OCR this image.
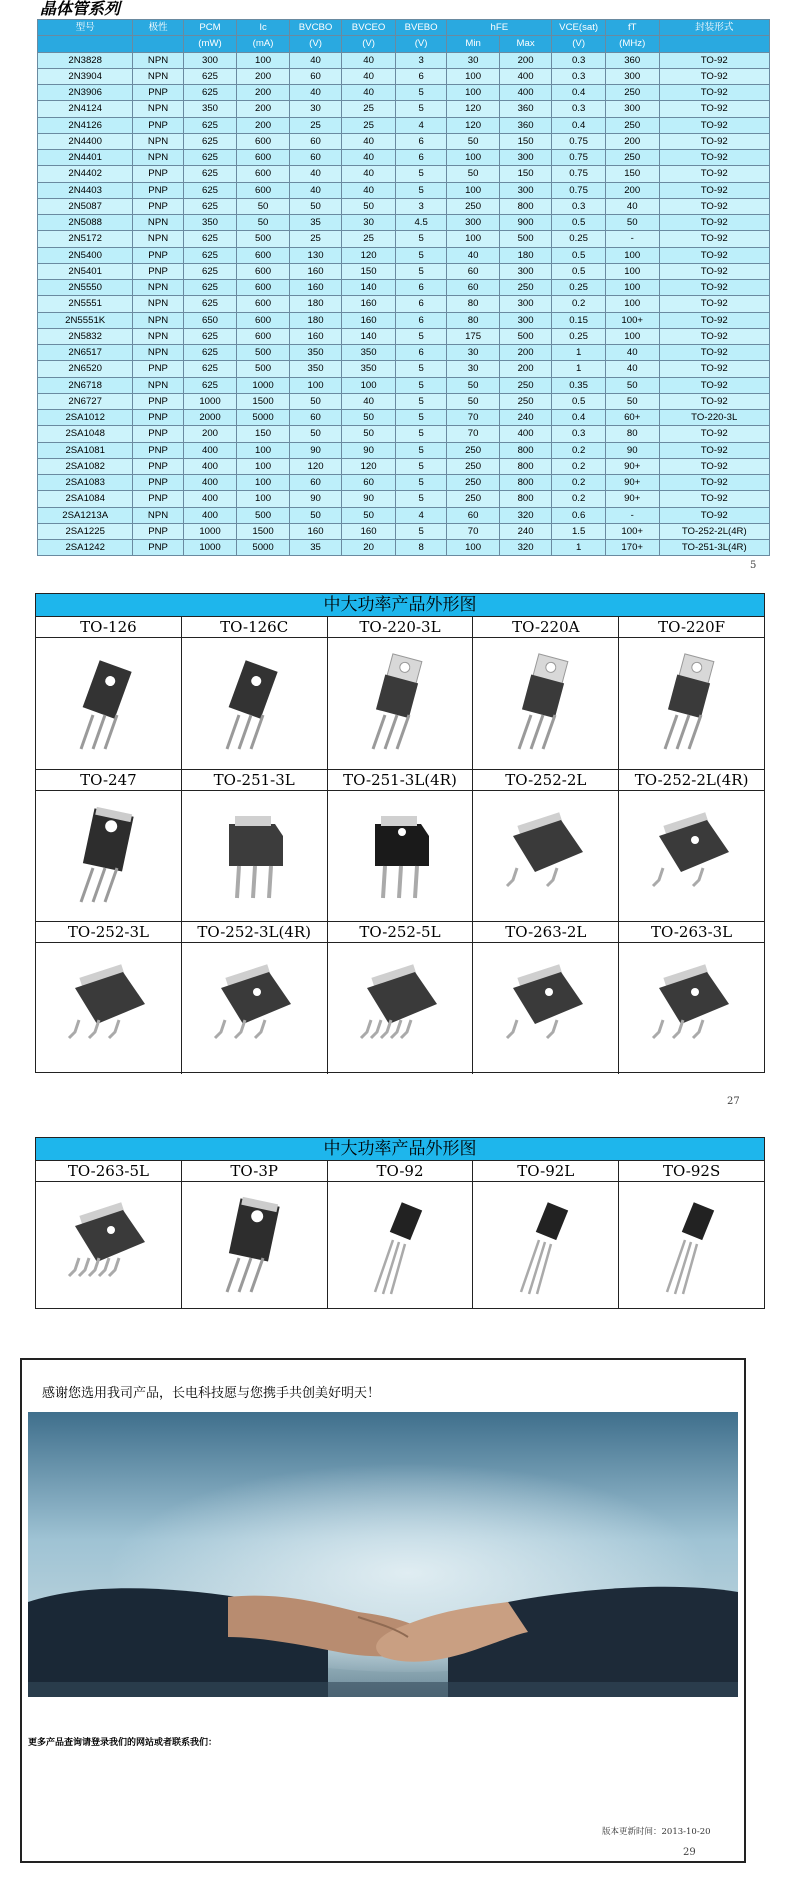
晶体管系列
型号	极性	PCM	Ic	BVCBO	BVCEO	BVEBO	hFE		VCE(sat)	fT	封装形式
		(mW)	(mA)	(V)	(V)	(V)	Min	Max	(V)	(MHz)	
2N3828	NPN	300	100	40	40	3	30	200	0.3	360	TO-92
2N3904	NPN	625	200	60	40	6	100	400	0.3	300	TO-92
2N3906	PNP	625	200	40	40	5	100	400	0.4	250	TO-92
2N4124	NPN	350	200	30	25	5	120	360	0.3	300	TO-92
2N4126	PNP	625	200	25	25	4	120	360	0.4	250	TO-92
2N4400	NPN	625	600	60	40	6	50	150	0.75	200	TO-92
2N4401	NPN	625	600	60	40	6	100	300	0.75	250	TO-92
2N4402	PNP	625	600	40	40	5	50	150	0.75	150	TO-92
2N4403	PNP	625	600	40	40	5	100	300	0.75	200	TO-92
2N5087	PNP	625	50	50	50	3	250	800	0.3	40	TO-92
2N5088	NPN	350	50	35	30	4.5	300	900	0.5	50	TO-92
2N5172	NPN	625	500	25	25	5	100	500	0.25	-	TO-92
2N5400	PNP	625	600	130	120	5	40	180	0.5	100	TO-92
2N5401	PNP	625	600	160	150	5	60	300	0.5	100	TO-92
2N5550	NPN	625	600	160	140	6	60	250	0.25	100	TO-92
2N5551	NPN	625	600	180	160	6	80	300	0.2	100	TO-92
2N5551K	NPN	650	600	180	160	6	80	300	0.15	100+	TO-92
2N5832	NPN	625	600	160	140	5	175	500	0.25	100	TO-92
2N6517	NPN	625	500	350	350	6	30	200	1	40	TO-92
2N6520	PNP	625	500	350	350	5	30	200	1	40	TO-92
2N6718	NPN	625	1000	100	100	5	50	250	0.35	50	TO-92
2N6727	PNP	1000	1500	50	40	5	50	250	0.5	50	TO-92
2SA1012	PNP	2000	5000	60	50	5	70	240	0.4	60+	TO-220-3L
2SA1048	PNP	200	150	50	50	5	70	400	0.3	80	TO-92
2SA1081	PNP	400	100	90	90	5	250	800	0.2	90	TO-92
2SA1082	PNP	400	100	120	120	5	250	800	0.2	90+	TO-92
2SA1083	PNP	400	100	60	60	5	250	800	0.2	90+	TO-92
2SA1084	PNP	400	100	90	90	5	250	800	0.2	90+	TO-92
2SA1213A	NPN	400	500	50	50	4	60	320	0.6	-	TO-92
2SA1225	PNP	1000	1500	160	160	5	70	240	1.5	100+	TO-252-2L(4R)
2SA1242	PNP	1000	5000	35	20	8	100	320	1	170+	TO-251-3L(4R)
5
中大功率产品外形图
TO-126	TO-126C	TO-220-3L	TO-220A	TO-220F
TO-247	TO-251-3L	TO-251-3L(4R)	TO-252-2L	TO-252-2L(4R)
TO-252-3L	TO-252-3L(4R)	TO-252-5L	TO-263-2L	TO-263-3L
27
中大功率产品外形图
TO-263-5L	TO-3P	TO-92	TO-92L	TO-92S
感谢您选用我司产品，长电科技愿与您携手共创美好明天！
更多产品查询请登录我们的网站或者联系我们：
版本更新时间：2013-10-20
29
